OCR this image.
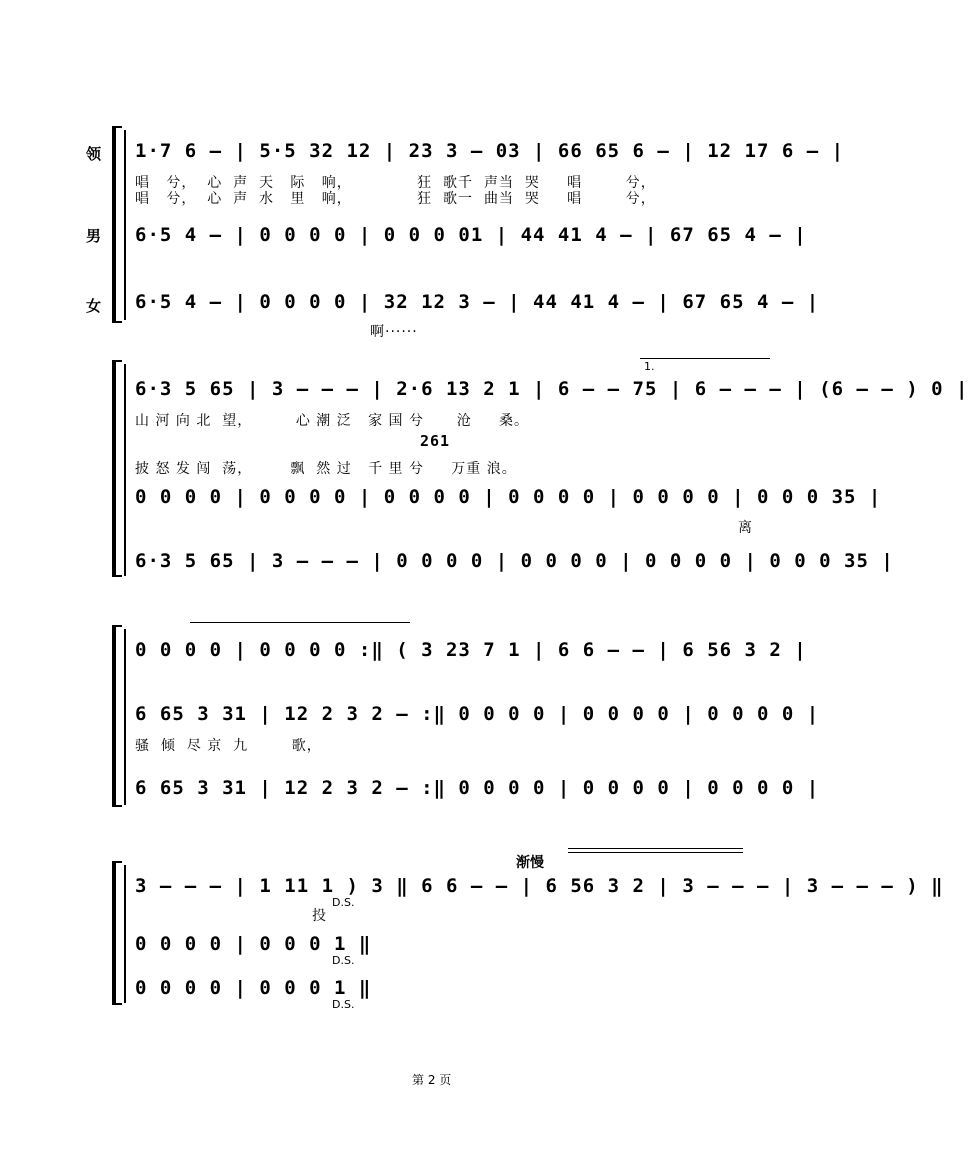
领
男
女
1·7 6 – | 5·5 32 12 | 23 3 – 03 | 66 65 6 – | 12 17 6 – |
唱   兮，  心  声  天   际   响，            狂  歌千  声当  哭     唱        兮，
唱   兮，  心  声  水   里   响，            狂  歌一  曲当  哭     唱        兮，
6·5 4 – | 0 0 0 0 | 0 0 0 01 | 44 41 4 – | 67 65 4 – |
6·5 4 – | 0 0 0 0 | 32 12 3 – | 44 41 4 – | 67 65 4 – |
啊······
1.
6·3 5 65 | 3 – – – | 2·6 13 2 1 | 6 – – 75 | 6 – – – | (6 – – ) 0 |
山 河 向 北  望，        心 潮 泛   家 国 兮      沧     桑。
261
披 怒 发 闯  荡，       飘  然 过   千 里 兮     万重 浪。
0 0 0 0 | 0 0 0 0 | 0 0 0 0 | 0 0 0 0 | 0 0 0 0 | 0 0 0 35 |
离
6·3 5 65 | 3 – – – | 0 0 0 0 | 0 0 0 0 | 0 0 0 0 | 0 0 0 35 |
0 0 0 0 | 0 0 0 0 :‖ ( 3 23 7 1 | 6 6 – – | 6 56 3 2 |
6 65 3 31 | 12 2 3 2 – :‖ 0 0 0 0 | 0 0 0 0 | 0 0 0 0 |
骚  倾  尽 京  九        歌，
6 65 3 31 | 12 2 3 2 – :‖ 0 0 0 0 | 0 0 0 0 | 0 0 0 0 |
渐慢
3 – – – | 1 11 1 ) 3 ‖ 6 6 – – | 6 56 3 2 | 3 – – – | 3 – – – ) ‖
投
D.S.
0 0 0 0 | 0 0 0 1 ‖
D.S.
0 0 0 0 | 0 0 0 1 ‖
D.S.
第 2 页
